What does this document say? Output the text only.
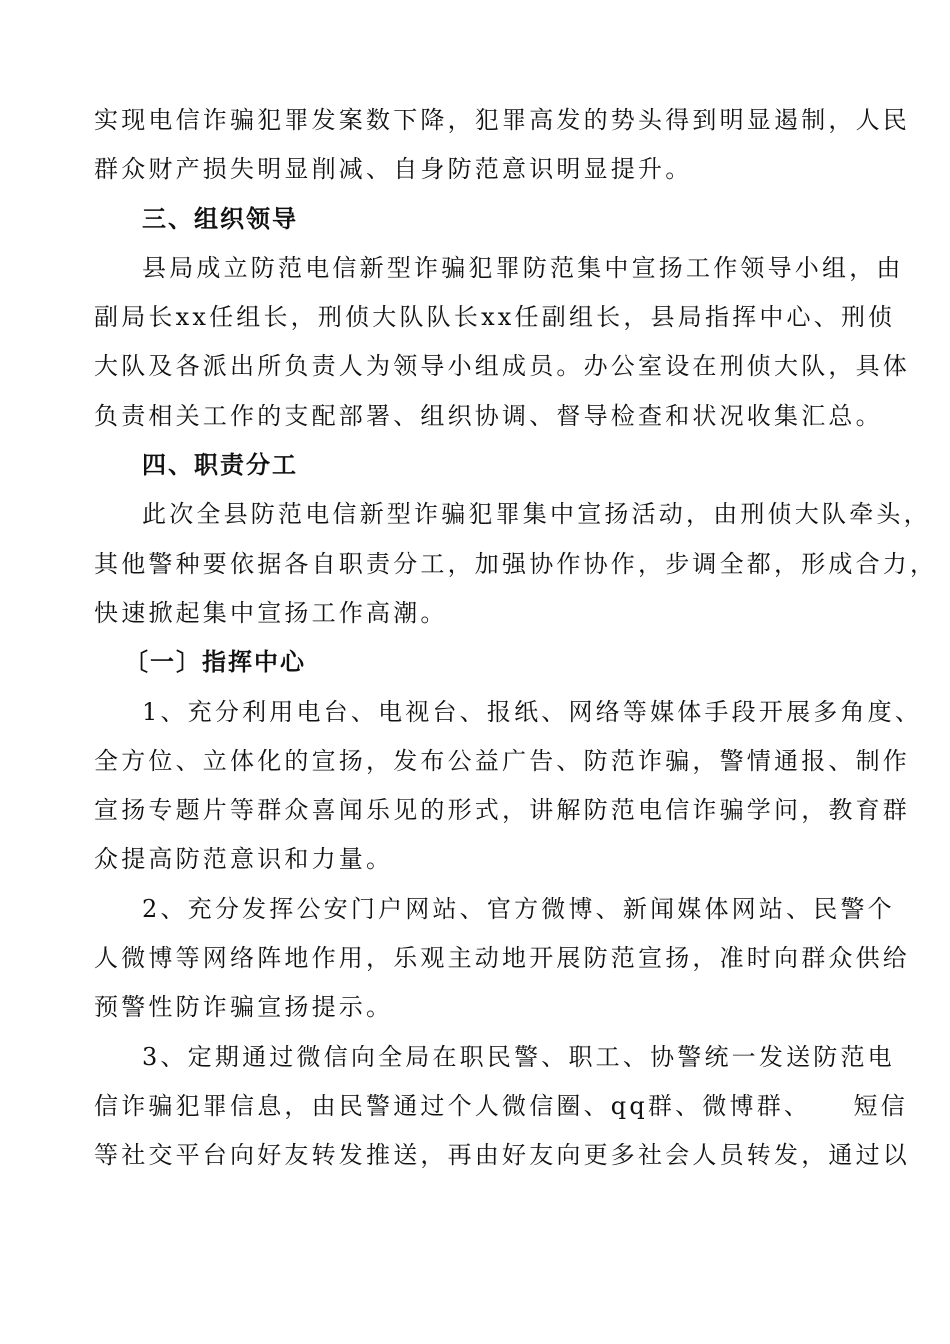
实现电信诈骗犯罪发案数下降，犯罪高发的势头得到明显遏制，人民
群众财产损失明显削减、自身防范意识明显提升。
三、组织领导
县局成立防范电信新型诈骗犯罪防范集中宣扬工作领导小组，由
副局长xx任组长，刑侦大队队长xx任副组长，县局指挥中心、刑侦
大队及各派出所负责人为领导小组成员。办公室设在刑侦大队，具体
负责相关工作的支配部署、组织协调、督导检查和状况收集汇总。
四、职责分工
此次全县防范电信新型诈骗犯罪集中宣扬活动，由刑侦大队牵头，
其他警种要依据各自职责分工，加强协作协作，步调全都，形成合力，
快速掀起集中宣扬工作高潮。
〔一〕指挥中心
1、充分利用电台、电视台、报纸、网络等媒体手段开展多角度、
全方位、立体化的宣扬，发布公益广告、防范诈骗，警情通报、制作
宣扬专题片等群众喜闻乐见的形式，讲解防范电信诈骗学问，教育群
众提高防范意识和力量。
2、充分发挥公安门户网站、官方微博、新闻媒体网站、民警个
人微博等网络阵地作用，乐观主动地开展防范宣扬，准时向群众供给
预警性防诈骗宣扬提示。
3、定期通过微信向全局在职民警、职工、协警统一发送防范电
信诈骗犯罪信息，由民警通过个人微信圈、qq群、微博群、　　短信
等社交平台向好友转发推送，再由好友向更多社会人员转发，通过以
